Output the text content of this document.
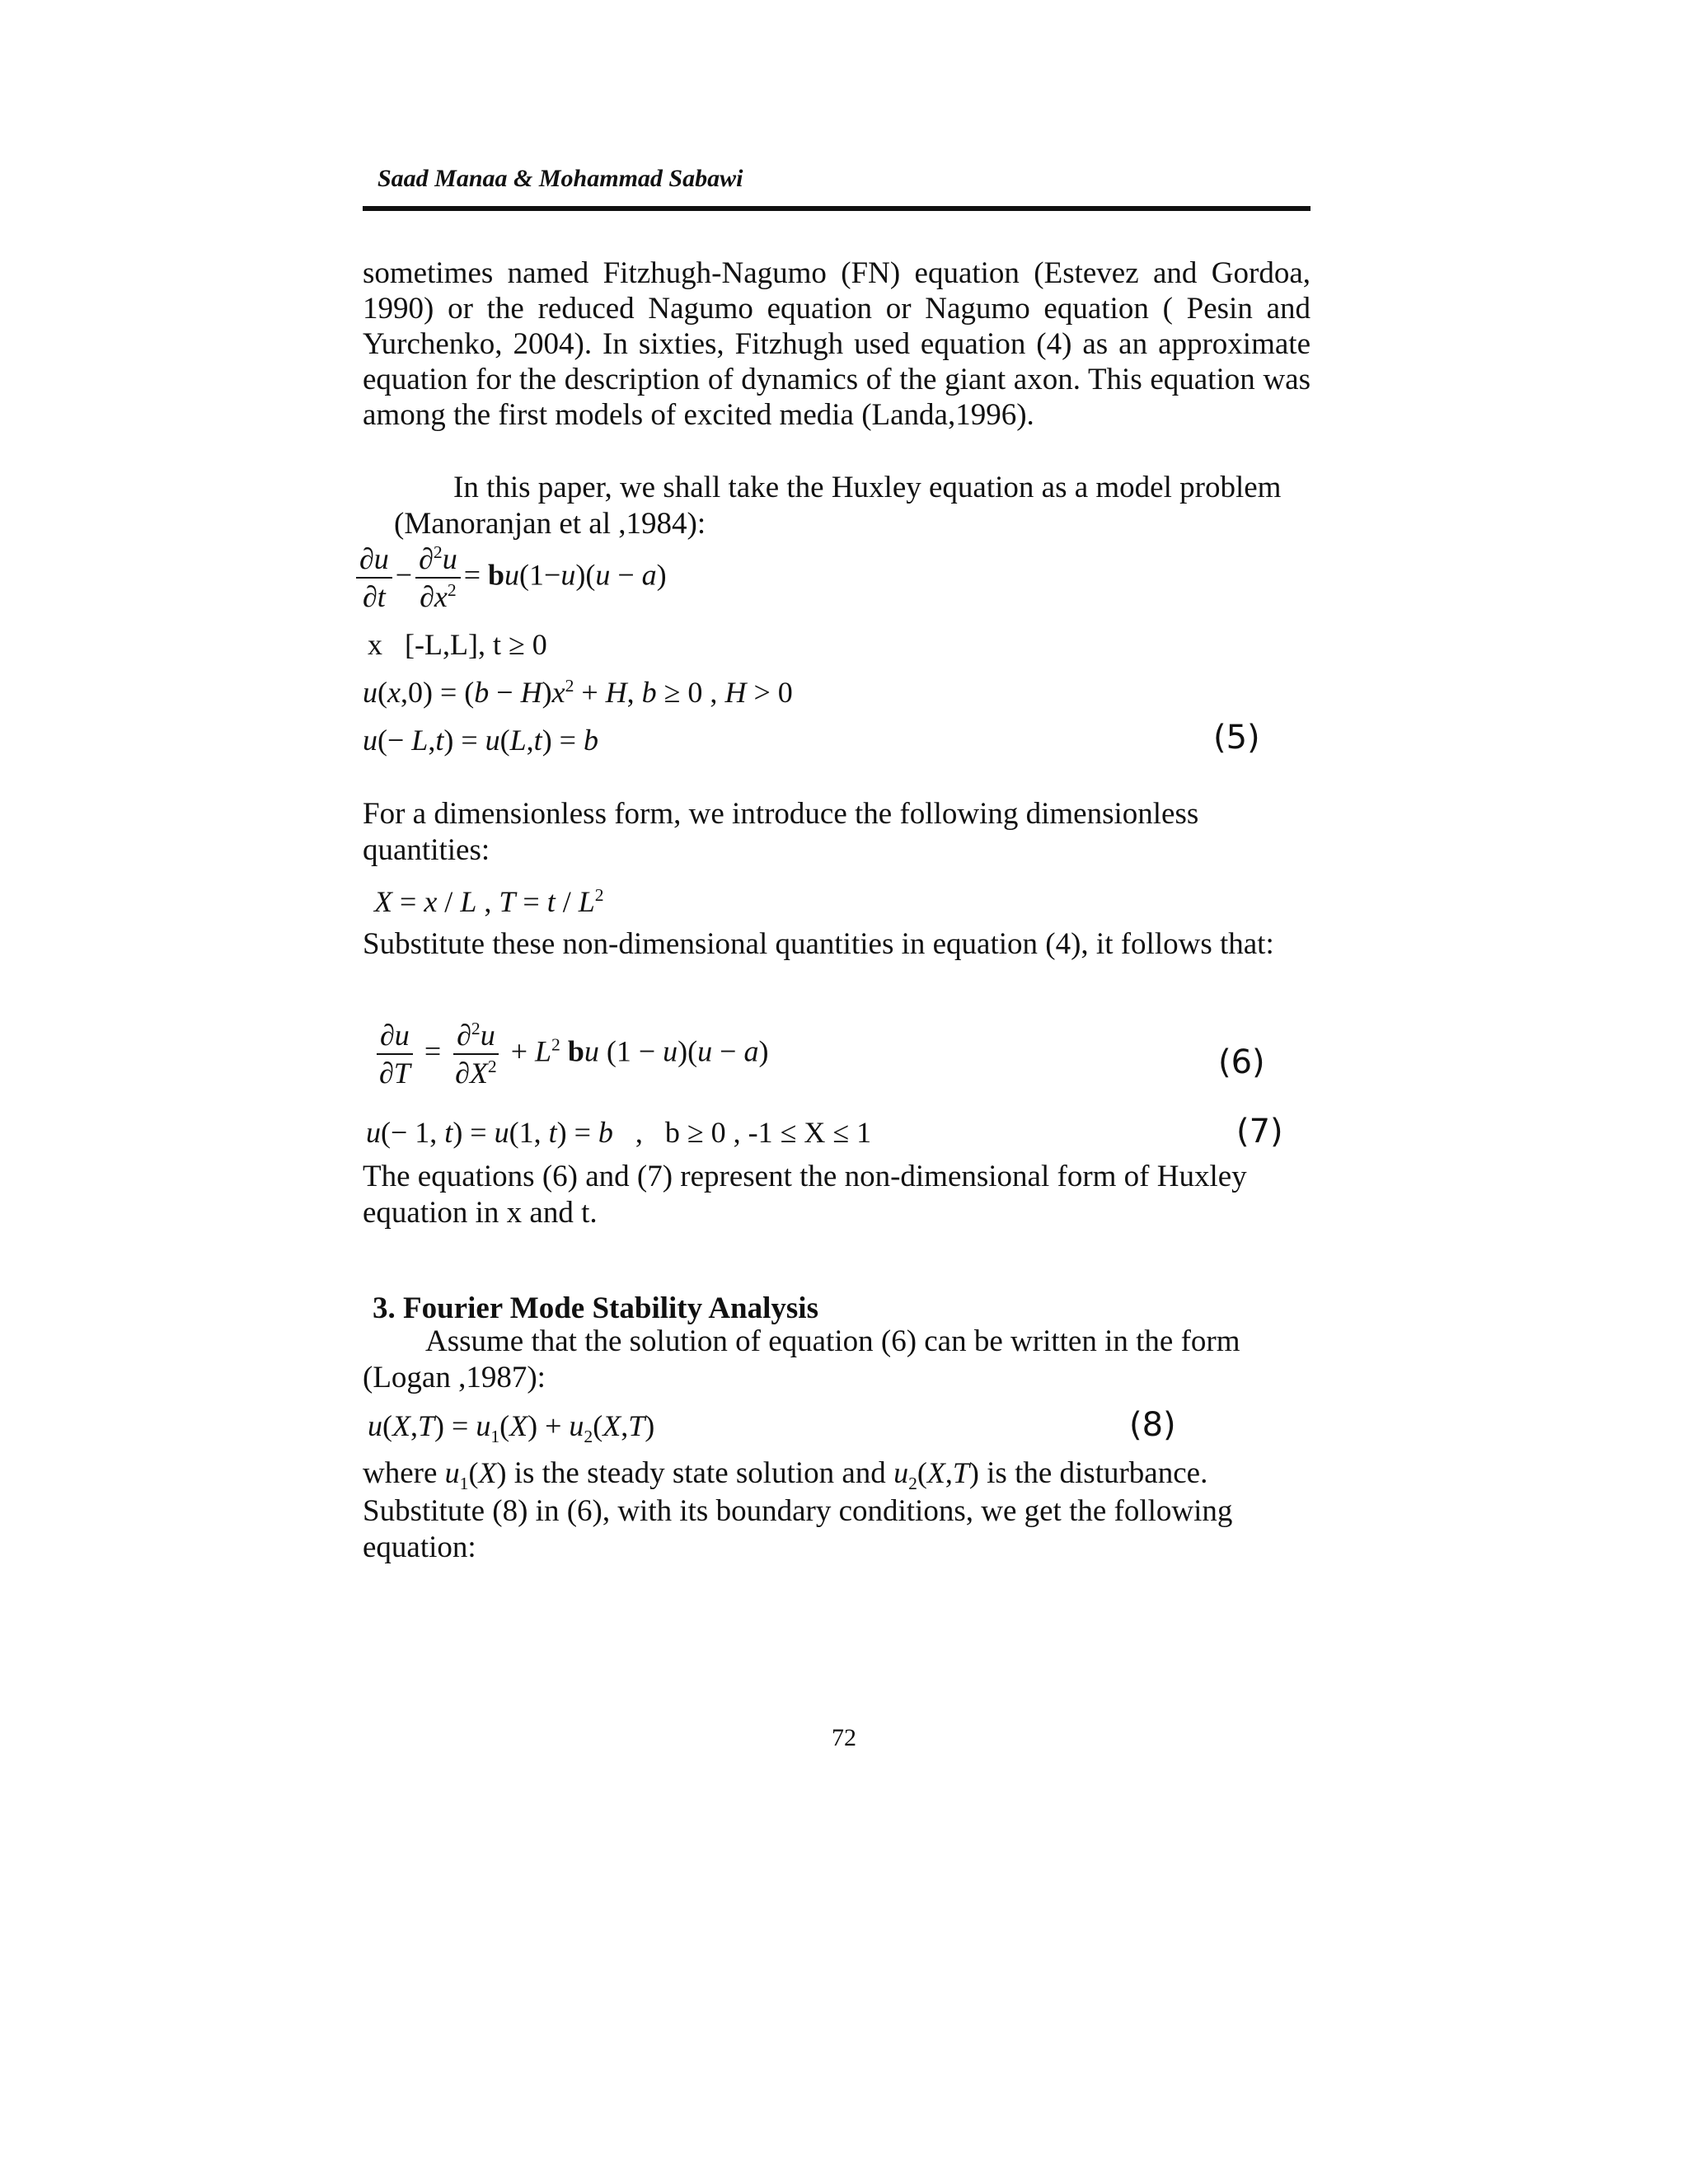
Saad Manaa & Mohammad Sabawi
sometimes named Fitzhugh-Nagumo (FN) equation (Estevez and Gordoa, 1990) or the reduced Nagumo equation or Nagumo equation ( Pesin and Yurchenko, 2004). In sixties, Fitzhugh used equation (4) as an approximate equation for the description of dynamics of the giant axon. This equation was among the first models of excited media (Landa,1996).
In this paper, we shall take the Huxley equation as a model problem
(Manoranjan et al ,1984):
$\frac{\partial u}{\partial t} - \frac{\partial^2u}{\partial x^2} = bu(1-u)(u - a)$
x [-L,L], t ≥ 0
$u(x,0) = (b - H)x^2 + H$, b ≥ 0 , H > 0
u(− L,t) = u(L,t) = b	(5)
For a dimensionless form, we introduce the following dimensionless
quantities:
X = x / L , $T = t / L^2$
Substitute these non-dimensional quantities in equation (4), it follows that:
$\frac{\partial u}{\partial T} = \frac{\partial^2u}{\partial X^2} + L^2$ bu (1 − u)(u − a)	(6)
u(− 1, t) = u(1, t) = b   ,   b ≥ 0 , -1 ≤ X ≤ 1	(7)
The equations (6) and (7) represent the non-dimensional form of Huxley
equation in x and t.
3. Fourier Mode Stability Analysis
Assume that the solution of equation (6) can be written in the form
(Logan ,1987):
$u(X,T) = u_1(X) + u_2(X,T)$	(8)
where $u_1(X)$ is the steady state solution and $u_2(X,T)$ is the disturbance.
Substitute (8) in (6), with its boundary conditions, we get the following
equation:
72
